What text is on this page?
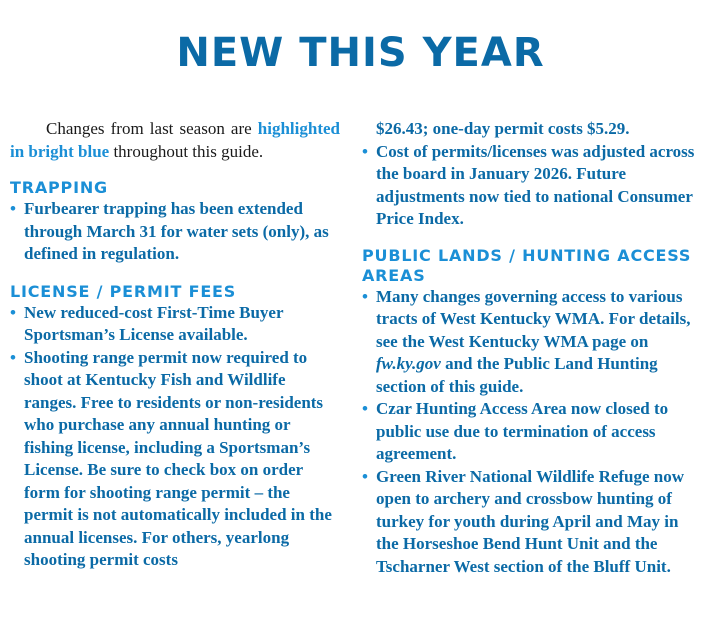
NEW THIS YEAR

Changes from last season are highlighted in bright blue throughout this guide.

TRAPPING
• Furbearer trapping has been extended through March 31 for water sets (only), as defined in regulation.
LICENSE / PERMIT FEES
• New reduced-cost First-Time Buyer Sportsman’s License available.
• Shooting range permit now required to shoot at Kentucky Fish and Wildlife ranges. Free to residents or non-residents who purchase any annual hunting or fishing license, including a Sportsman’s License. Be sure to check box on order form for shooting range permit – the permit is not automatically included in the annual licenses. For others, yearlong shooting permit costs

$26.43; one-day permit costs $5.29.

• Cost of permits/licenses was adjusted across the board in January 2026. Future adjustments now tied to national Consumer Price Index.
PUBLIC LANDS / HUNTING ACCESS AREAS
• Many changes governing access to various tracts of West Kentucky WMA. For details, see the West Kentucky WMA page on fw.ky.gov and the Public Land Hunting section of this guide.
• Czar Hunting Access Area now closed to public use due to termination of access agreement.
• Green River National Wildlife Refuge now open to archery and crossbow hunting of turkey for youth during April and May in the Horseshoe Bend Hunt Unit and the Tscharner West section of the Bluff Unit.
